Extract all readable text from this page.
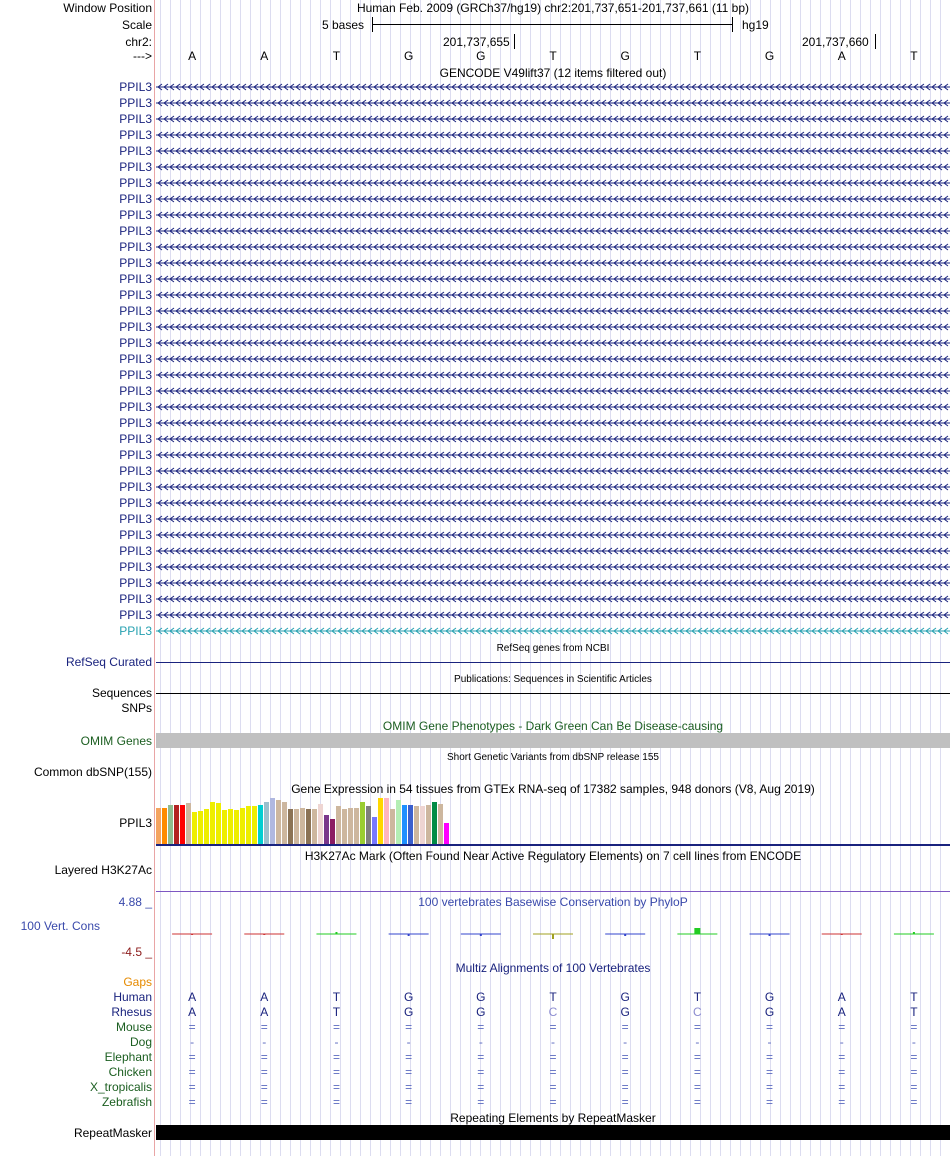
Window Position	Human Feb. 2009 (GRCh37/hg19) chr2:201,737,651-201,737,661 (11 bp)
Scale	5 bases	hg19
chr2:	201,737,655	201,737,660
--->	A	A	T	G	G	T	G	T	G	A	T
GENCODE V49lift37 (12 items filtered out)
PPIL3
PPIL3
PPIL3
PPIL3
PPIL3
PPIL3
PPIL3
PPIL3
PPIL3
PPIL3
PPIL3
PPIL3
PPIL3
PPIL3
PPIL3
PPIL3
PPIL3
PPIL3
PPIL3
PPIL3
PPIL3
PPIL3
PPIL3
PPIL3
PPIL3
PPIL3
PPIL3
PPIL3
PPIL3
PPIL3
PPIL3
PPIL3
PPIL3
PPIL3
PPIL3
RefSeq genes from NCBI
RefSeq Curated
Publications: Sequences in Scientific Articles
Sequences
SNPs
OMIM Gene Phenotypes - Dark Green Can Be Disease-causing
OMIM Genes
Short Genetic Variants from dbSNP release 155
Common dbSNP(155)
Gene Expression in 54 tissues from GTEx RNA-seq of 17382 samples, 948 donors (V8, Aug 2019)
PPIL3
H3K27Ac Mark (Often Found Near Active Regulatory Elements) on 7 cell lines from ENCODE
Layered H3K27Ac
100 vertebrates Basewise Conservation by PhyloP
4.88 _
100 Vert. Cons
-4.5 _
Multiz Alignments of 100 Vertebrates
Gaps
Human	A	A	T	G	G	T	G	T	G	A	T
Rhesus	A	A	T	G	G	C	G	C	G	A	T
Mouse	=	=	=	=	=	=	=	=	=	=	=
Dog	-	-	-	-	-	-	-	-	-	-	-
Elephant	=	=	=	=	=	=	=	=	=	=	=
Chicken	=	=	=	=	=	=	=	=	=	=	=
X_tropicalis	=	=	=	=	=	=	=	=	=	=	=
Zebrafish	=	=	=	=	=	=	=	=	=	=	=
Repeating Elements by RepeatMasker
RepeatMasker
